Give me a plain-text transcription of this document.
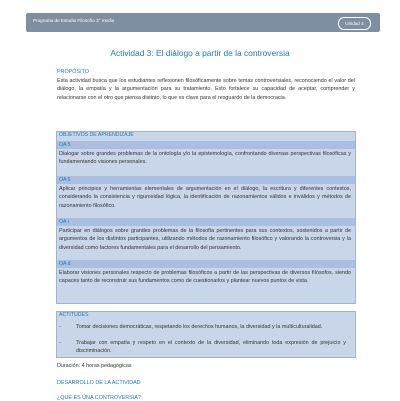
Programa de Estudio Filosofía 3° medio
Unidad 4
Actividad 3: El diálogo a partir de la controversia
PROPÓSITO
Esta actividad busca que los estudiantes reflexionen filosóficamente sobre temas controversiales, reconociendo el valor del diálogo, la empatía y la argumentación para su tratamiento. Esto fortalece su capacidad de aceptar, comprender y relacionarse con el otro que piensa distinto, lo que es clave para el resguardo de la democracia.
OBJETIVOS DE APRENDIZAJE
OA 5
Dialogar sobre grandes problemas de la ontología y/o la epistemología, confrontando diversas perspectivas filosóficas y fundamentando visiones personales.
OA 6
Aplicar principios y herramientas elementales de argumentación en el diálogo, la escritura y diferentes contextos, considerando la consistencia y rigurosidad lógica, la identificación de razonamientos válidos e inválidos y métodos de razonamiento filosófico.
OA i
Participar en diálogos sobre grandes problemas de la filosofía pertinentes para sus contextos, sostenidos a partir de argumentos de los distintos participantes, utilizando métodos de razonamiento filosófico y valorando la controversia y la diversidad como factores fundamentales para el desarrollo del pensamiento.
OA d
Elaborar visiones personales respecto de problemas filosóficos a partir de las perspectivas de diversos filósofos, siendo capaces tanto de reconstruir sus fundamentos como de cuestionarlos y plantear nuevos puntos de vista.
ACTITUDES
-	Tomar decisiones democráticas, respetando los derechos humanos, la diversidad y la multiculturalidad.
-	Trabajar con empatía y respeto en el contexto de la diversidad, eliminando toda expresión de prejuicio y discriminación.
Duración: 4 horas pedagógicas
DESARROLLO DE LA ACTIVIDAD
¿QUÉ ES UNA CONTROVERSIA?
